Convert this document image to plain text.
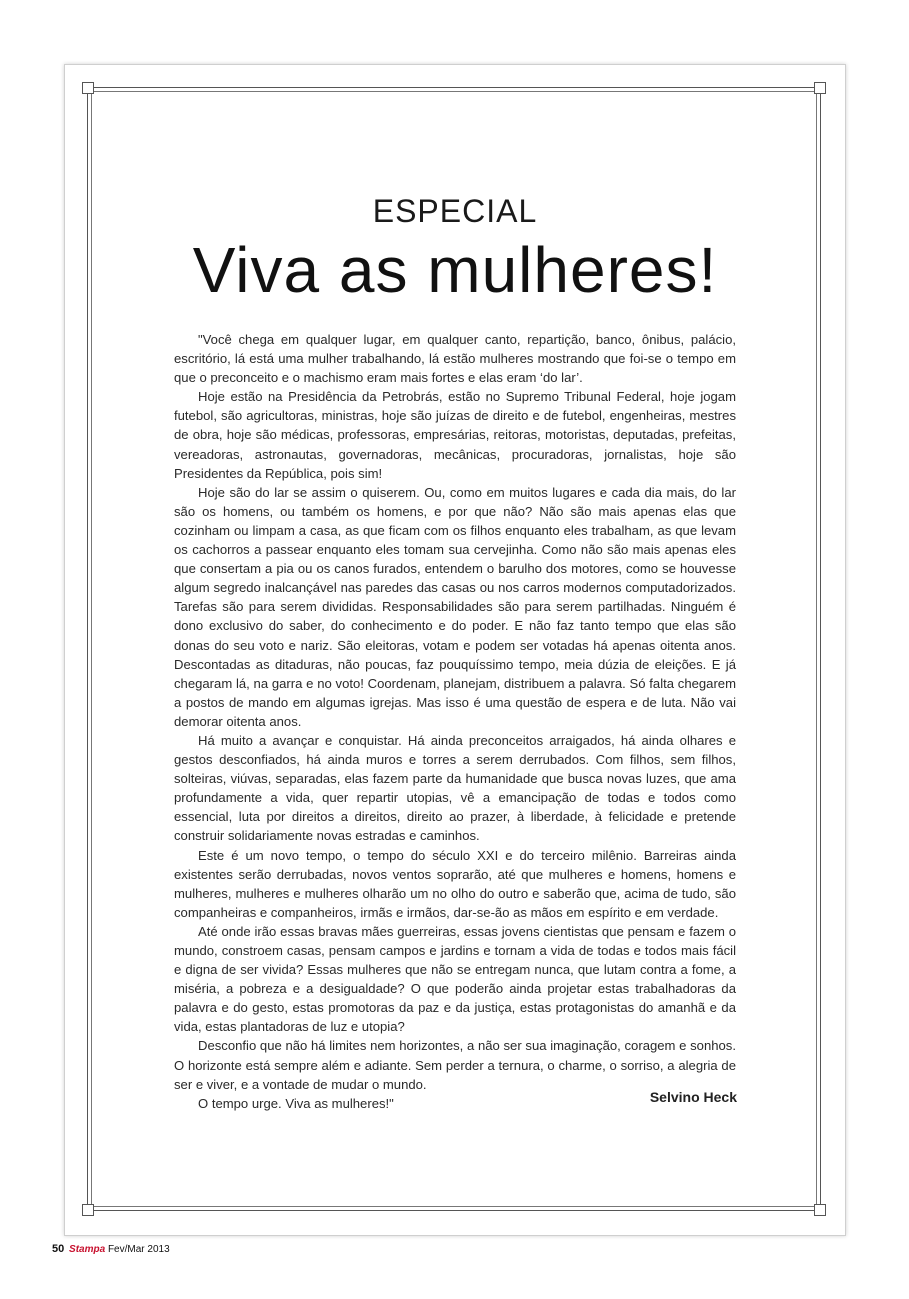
ESPECIAL
Viva as mulheres!

"Você chega em qualquer lugar, em qualquer canto, repartição, banco, ônibus, palácio, escritório, lá está uma mulher trabalhando, lá estão mulheres mostrando que foi-se o tempo em que o preconceito e o machismo eram mais fortes e elas eram ‘do lar’.

Hoje estão na Presidência da Petrobrás, estão no Supremo Tribunal Federal, hoje jogam futebol, são agricultoras, ministras, hoje são juízas de direito e de futebol, engenheiras, mestres de obra, hoje são médicas, professoras, empresárias, reitoras, motoristas, deputadas, prefeitas, vereadoras, astronautas, governadoras, mecânicas, procuradoras, jornalistas, hoje são Presidentes da República, pois sim!

Hoje são do lar se assim o quiserem. Ou, como em muitos lugares e cada dia mais, do lar são os homens, ou também os homens, e por que não? Não são mais apenas elas que cozinham ou limpam a casa, as que ficam com os filhos enquanto eles trabalham, as que levam os cachorros a passear enquanto eles tomam sua cervejinha. Como não são mais apenas eles que consertam a pia ou os canos furados, entendem o barulho dos motores, como se houvesse algum segredo inalcançável nas paredes das casas ou nos carros modernos computadorizados. Tarefas são para serem divididas. Responsabilidades são para serem partilhadas. Ninguém é dono exclusivo do saber, do conhecimento e do poder. E não faz tanto tempo que elas são donas do seu voto e nariz. São eleitoras, votam e podem ser votadas há apenas oitenta anos. Descontadas as ditaduras, não poucas, faz pouquíssimo tempo, meia dúzia de eleições. E já chegaram lá, na garra e no voto! Coordenam, planejam, distribuem a palavra. Só falta chegarem a postos de mando em algumas igrejas. Mas isso é uma questão de espera e de luta. Não vai demorar oitenta anos.

Há muito a avançar e conquistar. Há ainda preconceitos arraigados, há ainda olhares e gestos desconfiados, há ainda muros e torres a serem derrubados. Com filhos, sem filhos, solteiras, viúvas, separadas, elas fazem parte da humanidade que busca novas luzes, que ama profundamente a vida, quer repartir utopias, vê a emancipação de todas e todos como essencial, luta por direitos a direitos, direito ao prazer, à liberdade, à felicidade e pretende construir solidariamente novas estradas e caminhos.

Este é um novo tempo, o tempo do século XXI e do terceiro milênio. Barreiras ainda existentes serão derrubadas, novos ventos soprarão, até que mulheres e homens, homens e mulheres, mulheres e mulheres olharão um no olho do outro e saberão que, acima de tudo, são companheiras e companheiros, irmãs e irmãos, dar-se-ão as mãos em espírito e em verdade.

Até onde irão essas bravas mães guerreiras, essas jovens cientistas que pensam e fazem o mundo, constroem casas, pensam campos e jardins e tornam a vida de todas e todos mais fácil e digna de ser vivida? Essas mulheres que não se entregam nunca, que lutam contra a fome, a miséria, a pobreza e a desigualdade? O que poderão ainda projetar estas trabalhadoras da palavra e do gesto, estas promotoras da paz e da justiça, estas protagonistas do amanhã e da vida, estas plantadoras de luz e utopia?

Desconfio que não há limites nem horizontes, a não ser sua imaginação, coragem e sonhos. O horizonte está sempre além e adiante. Sem perder a ternura, o charme, o sorriso, a alegria de ser e viver, e a vontade de mudar o mundo.

O tempo urge. Viva as mulheres!"	Selvino Heck
50 Stampa Fev/Mar 2013
